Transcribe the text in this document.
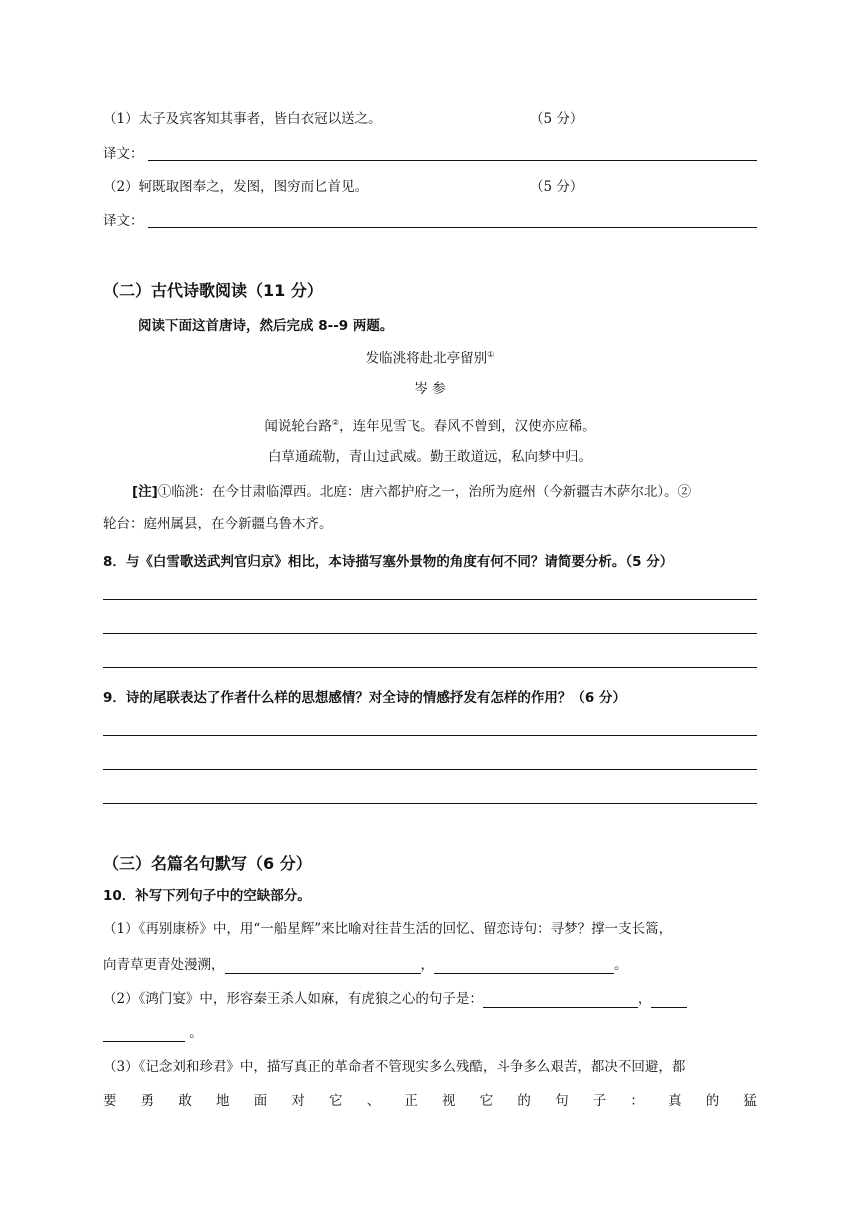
（1）太子及宾客知其事者，皆白衣冠以送之。	（5 分）
译文：
（2）轲既取图奉之，发图，图穷而匕首见。	（5 分）
译文：
（二）古代诗歌阅读（11 分）
阅读下面这首唐诗，然后完成 8--9 两题。
发临洮将赴北亭留别①
岑 参
闻说轮台路②，连年见雪飞。春风不曾到，汉使亦应稀。
白草通疏勒，青山过武威。勤王敢道远，私向梦中归。
[注]①临洮：在今甘肃临潭西。北庭：唐六都护府之一，治所为庭州（今新疆吉木萨尔北）。②
轮台：庭州属县，在今新疆乌鲁木齐。
8．与《白雪歌送武判官归京》相比，本诗描写塞外景物的角度有何不同？请简要分析。（5 分）
9．诗的尾联表达了作者什么样的思想感情？对全诗的情感抒发有怎样的作用？（6 分）
（三）名篇名句默写（6 分）
10．补写下列句子中的空缺部分。
（1）《再别康桥》中，用“一船星辉”来比喻对往昔生活的回忆、留恋诗句：寻梦？撑一支长篙，
向青草更青处漫溯，	，	。
（2）《鸿门宴》中，形容秦王杀人如麻，有虎狼之心的句子是：	，
。
（3）《记念刘和珍君》中，描写真正的革命者不管现实多么残酷，斗争多么艰苦，都决不回避，都
要 勇 敢 地 面 对 它 、 正 视 它 的 句 子 ： 真 的 猛
